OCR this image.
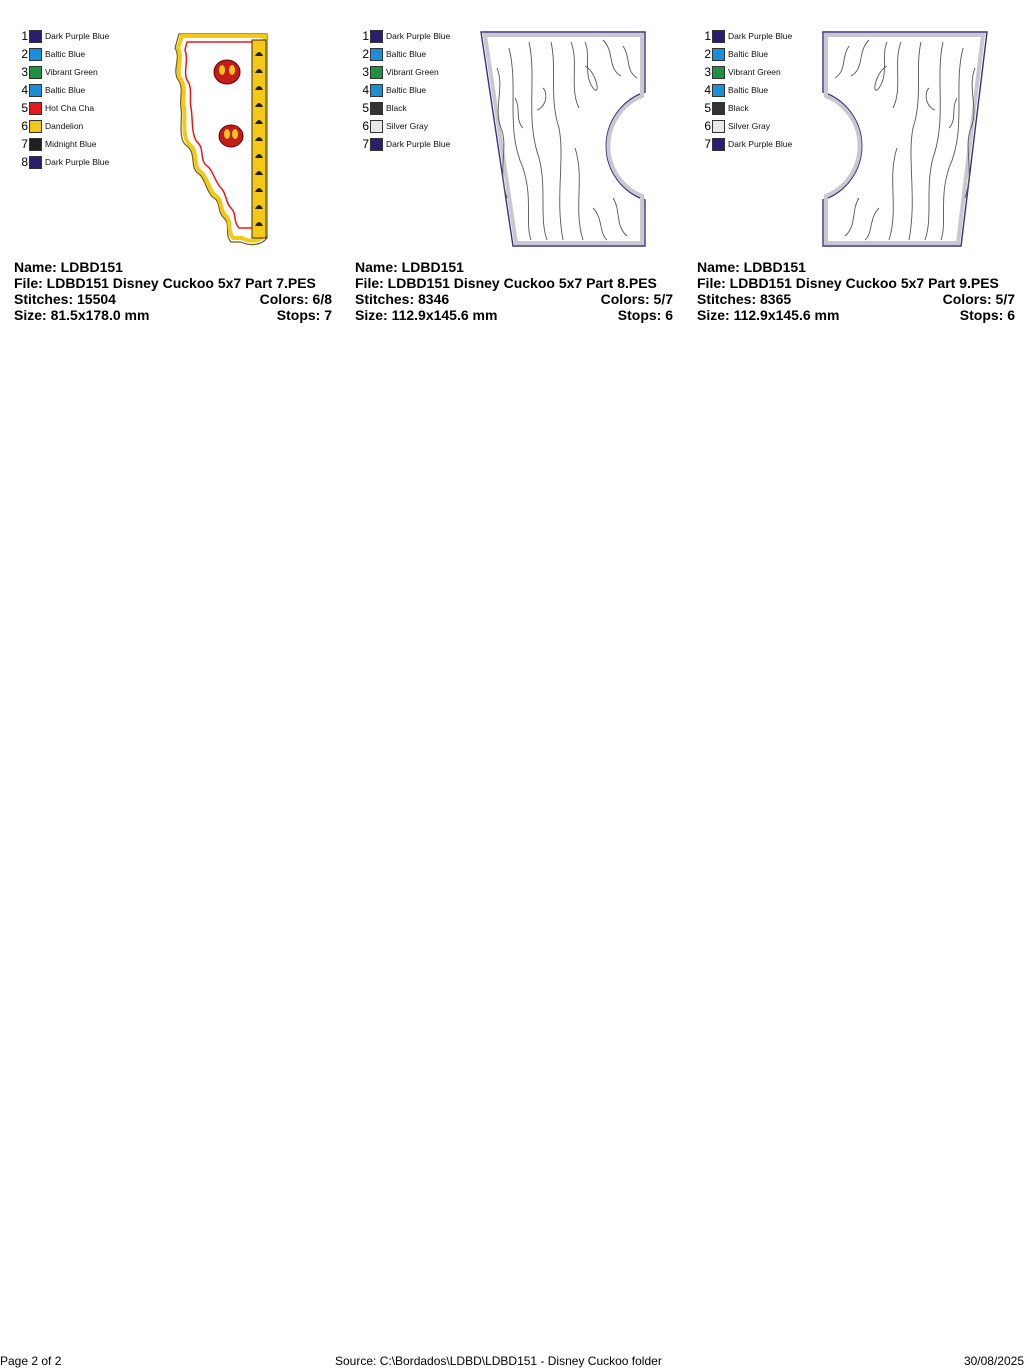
1 Dark Purple Blue
2 Baltic Blue
3 Vibrant Green
4 Baltic Blue
5 Hot Cha Cha
6 Dandelion
7 Midnight Blue
8 Dark Purple Blue
Name: LDBD151
File: LDBD151 Disney Cuckoo 5x7 Part 7.PES
Stitches: 15504	Colors: 6/8
Size: 81.5x178.0 mm	Stops: 7
1 Dark Purple Blue
2 Baltic Blue
3 Vibrant Green
4 Baltic Blue
5 Black
6 Silver Gray
7 Dark Purple Blue
Name: LDBD151
File: LDBD151 Disney Cuckoo 5x7 Part 8.PES
Stitches: 8346	Colors: 5/7
Size: 112.9x145.6 mm	Stops: 6
1 Dark Purple Blue
2 Baltic Blue
3 Vibrant Green
4 Baltic Blue
5 Black
6 Silver Gray
7 Dark Purple Blue
Name: LDBD151
File: LDBD151 Disney Cuckoo 5x7 Part 9.PES
Stitches: 8365	Colors: 5/7
Size: 112.9x145.6 mm	Stops: 6
Page 2 of 2	Source: C:\Bordados\LDBD\LDBD151 - Disney Cuckoo folder	30/08/2025
